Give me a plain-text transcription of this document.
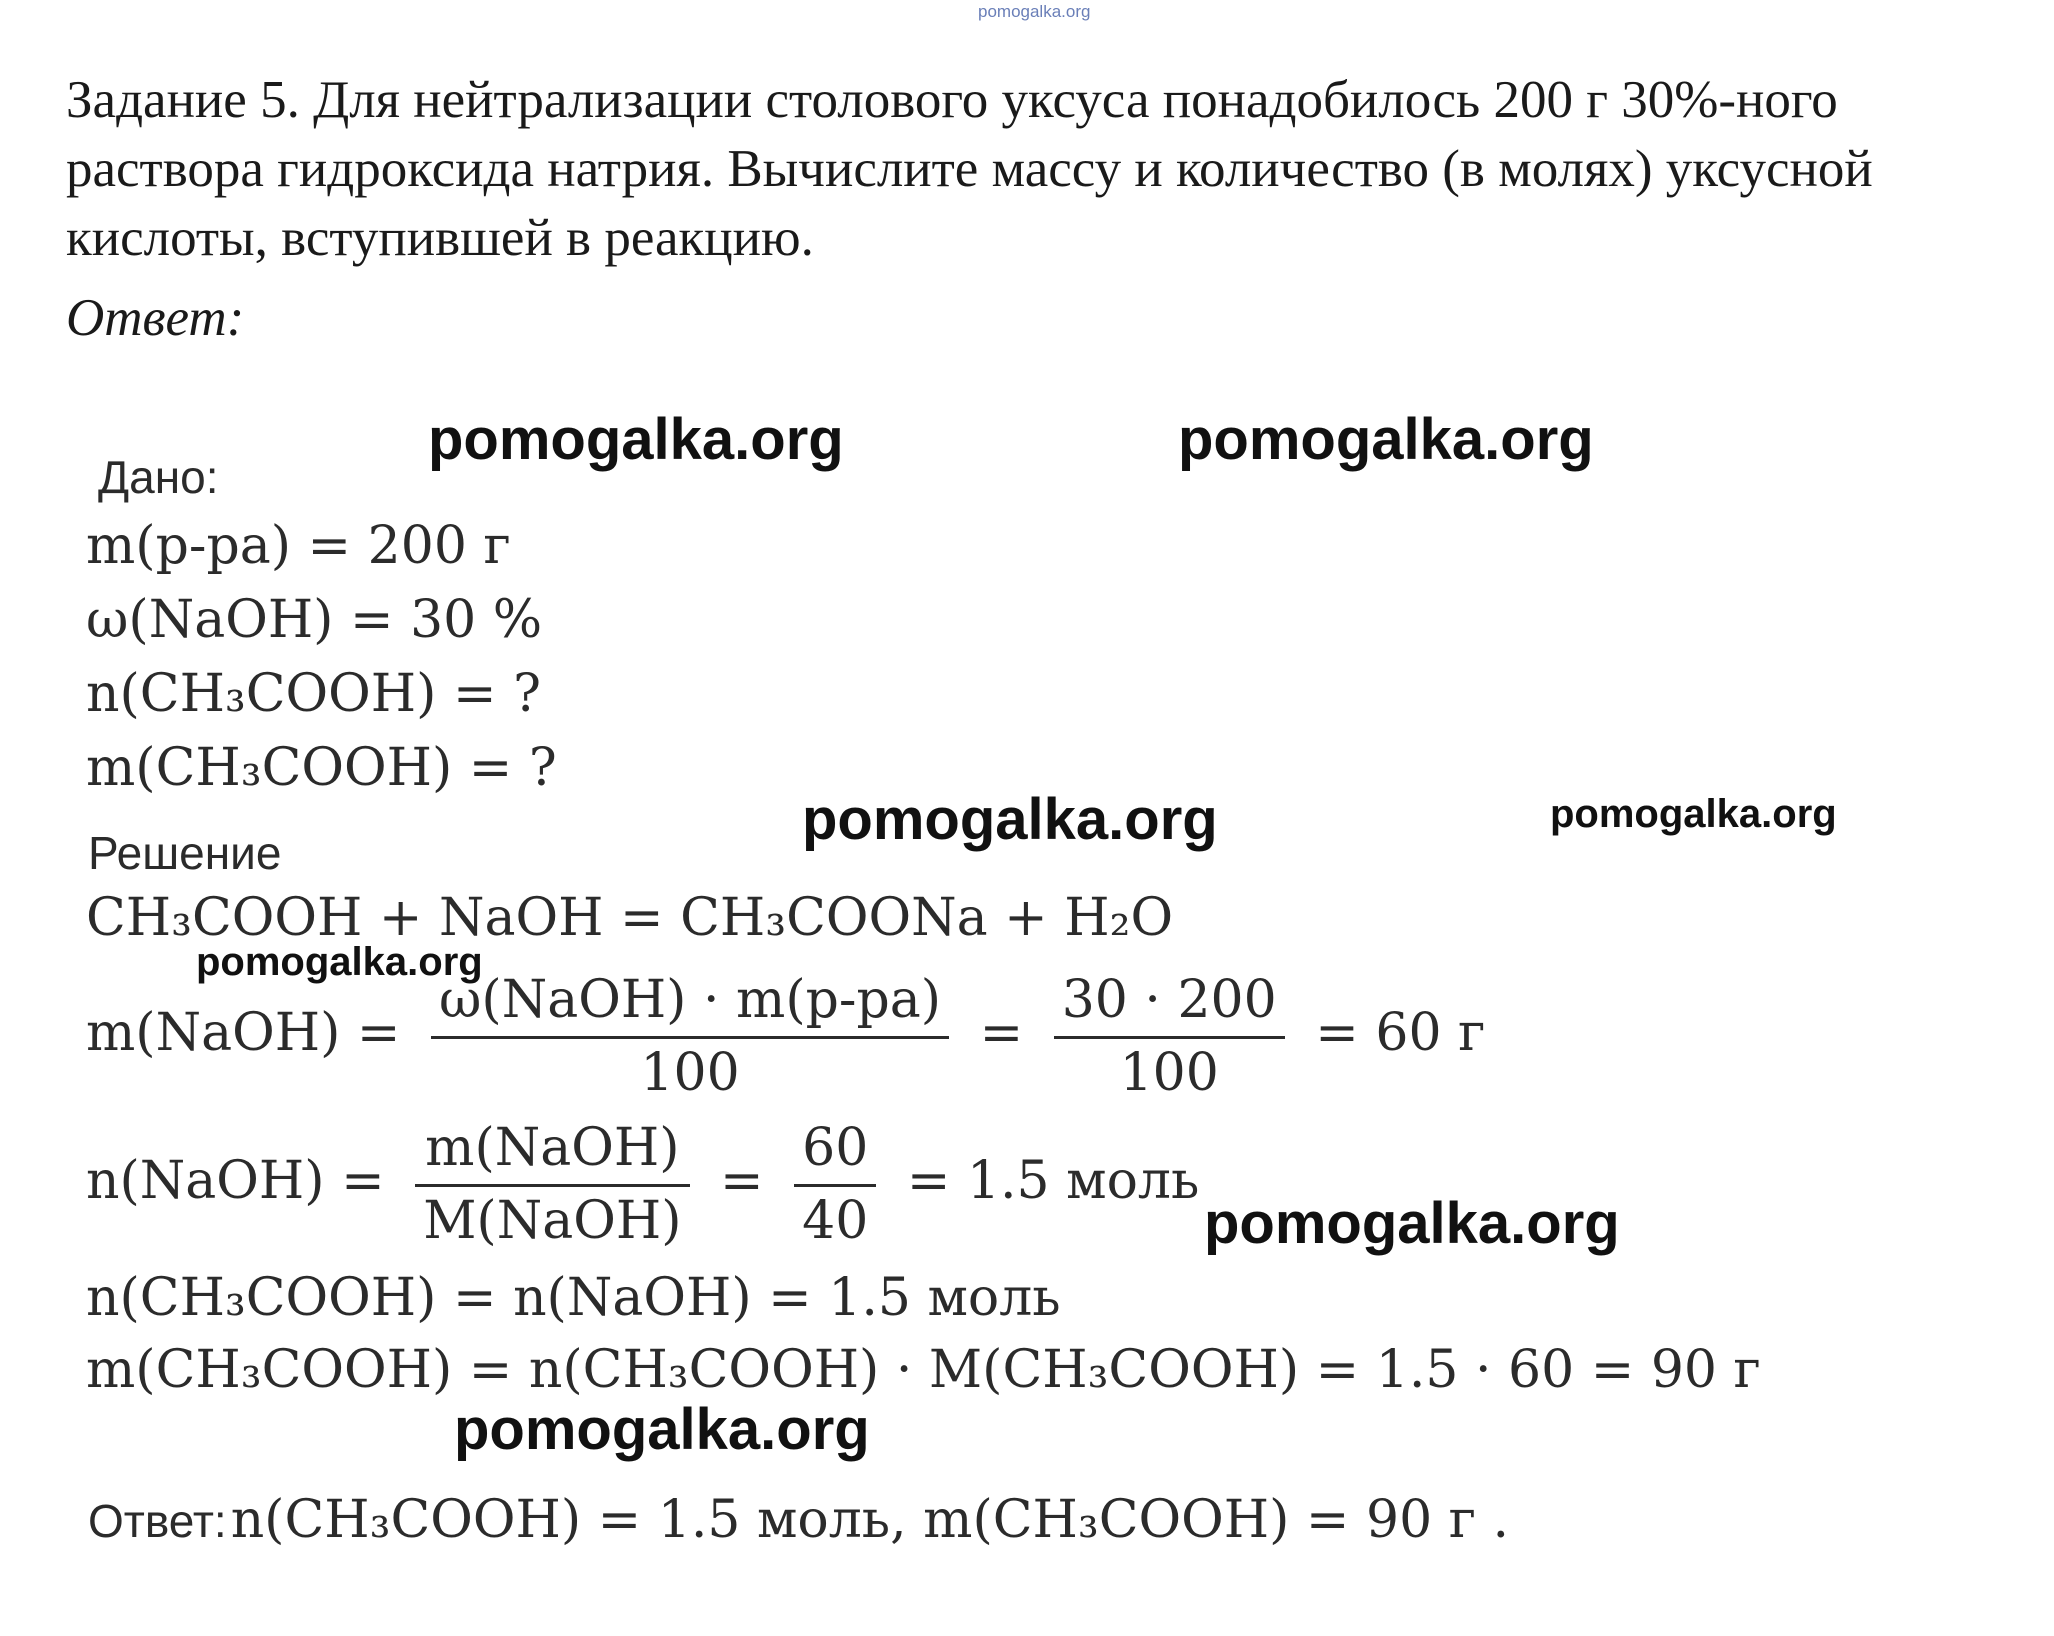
pomogalka.org
Задание 5. Для нейтрализации столового уксуса понадобилось 200 г 30%-ного раствора гидроксида натрия. Вычислите массу и количество (в молях) уксусной кислоты, вступившей в реакцию.
Ответ:
Дано:
m(р-ра) = 200 г
ω(NaOH) = 30 %
n(CH₃COOH) = ?
m(CH₃COOH) = ?
Решение
CH₃COOH + NaOH = CH₃COONa + H₂O
m(NaOH) = $\frac{\text{ω(NaOH) · m(р-ра)}}{100} = \frac{30 \cdot 200}{100} = 60$ г
n(NaOH) = $\frac{\text{m(NaOH)}}{\text{M(NaOH)}} = \frac{60}{40} = 1.5$ моль
n(CH₃COOH) = n(NaOH) = 1.5 моль
m(CH₃COOH) = n(CH₃COOH) · M(CH₃COOH) = 1.5 · 60 = 90 г
Ответ: n(CH₃COOH) = 1.5 моль, m(CH₃COOH) = 90 г .
pomogalka.org	pomogalka.org
pomogalka.org	pomogalka.org
pomogalka.org
pomogalka.org
pomogalka.org
